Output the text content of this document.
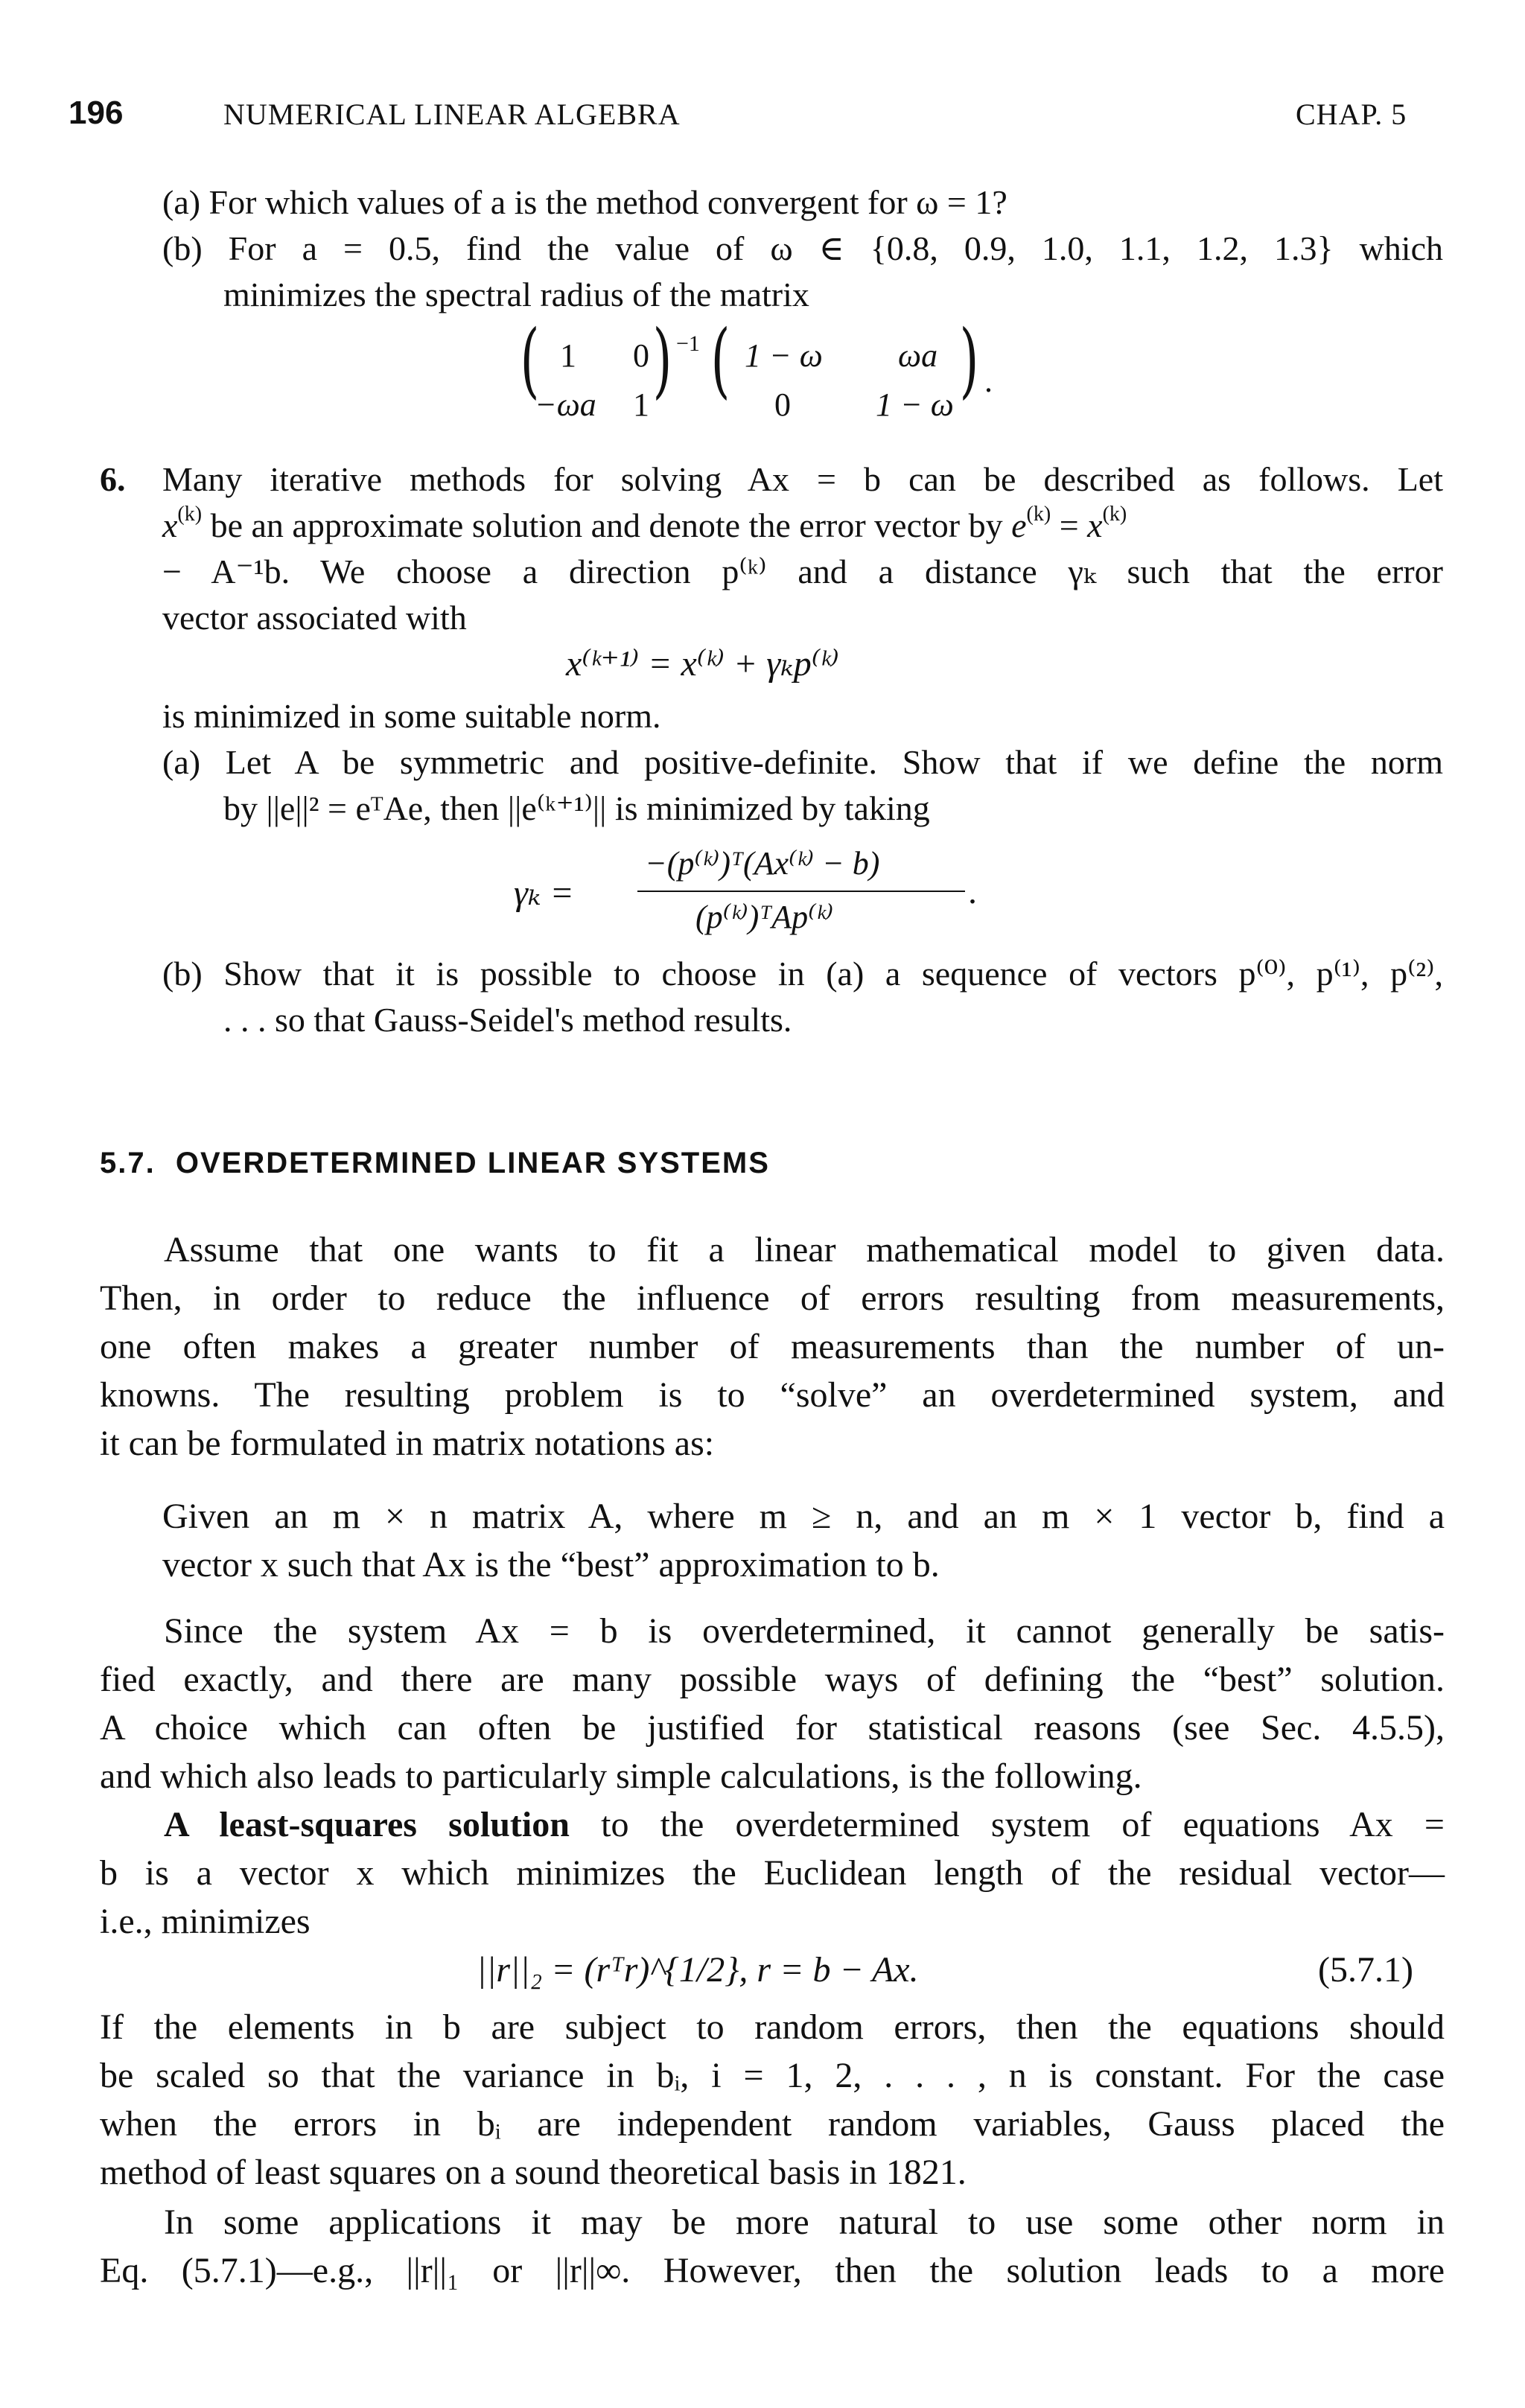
196	NUMERICAL LINEAR ALGEBRA	CHAP. 5
(a) For which values of a is the method convergent for ω = 1?
(b) For a = 0.5, find the value of ω ∈ {0.8, 0.9, 1.0, 1.1, 1.2, 1.3} which
minimizes the spectral radius of the matrix
( 1 0
−ωa 1 ) −1 ( 1 − ω ωa
0	1 − ω ) .
6. Many iterative methods for solving Ax = b can be described as follows. Let
$x^{(k)}$ be an approximate solution and denote the error vector by $e^{(k)} = x^{(k)}$
− A⁻¹b. We choose a direction p⁽ᵏ⁾ and a distance γₖ such that the error
vector associated with
x⁽ᵏ⁺¹⁾ = x⁽ᵏ⁾ + γₖp⁽ᵏ⁾
is minimized in some suitable norm.
(a) Let A be symmetric and positive-definite. Show that if we define the norm
by ||e||² = eᵀAe, then ||e⁽ᵏ⁺¹⁾|| is minimized by taking
γₖ =
−(p⁽ᵏ⁾)ᵀ(Ax⁽ᵏ⁾ − b)
(p⁽ᵏ⁾)ᵀAp⁽ᵏ⁾
.
(b) Show that it is possible to choose in (a) a sequence of vectors p⁽⁰⁾, p⁽¹⁾, p⁽²⁾,
. . . so that Gauss-Seidel's method results.
5.7. OVERDETERMINED LINEAR SYSTEMS
Assume that one wants to fit a linear mathematical model to given data.
Then, in order to reduce the influence of errors resulting from measurements,
one often makes a greater number of measurements than the number of un-
knowns. The resulting problem is to “solve” an overdetermined system, and
it can be formulated in matrix notations as:
Given an m × n matrix A, where m ≥ n, and an m × 1 vector b, find a
vector x such that Ax is the “best” approximation to b.
Since the system Ax = b is overdetermined, it cannot generally be satis-
fied exactly, and there are many possible ways of defining the “best” solution.
A choice which can often be justified for statistical reasons (see Sec. 4.5.5),
and which also leads to particularly simple calculations, is the following.
A least-squares solution to the overdetermined system of equations Ax =
b is a vector x which minimizes the Euclidean length of the residual vector—
i.e., minimizes
||r||₂ = (rᵀr)^{1/2}, r = b − Ax.	(5.7.1)
If the elements in b are subject to random errors, then the equations should
be scaled so that the variance in bᵢ, i = 1, 2, . . . , n is constant. For the case
when the errors in bᵢ are independent random variables, Gauss placed the
method of least squares on a sound theoretical basis in 1821.
In some applications it may be more natural to use some other norm in
Eq. (5.7.1)—e.g., ||r||₁ or ||r||∞. However, then the solution leads to a more
